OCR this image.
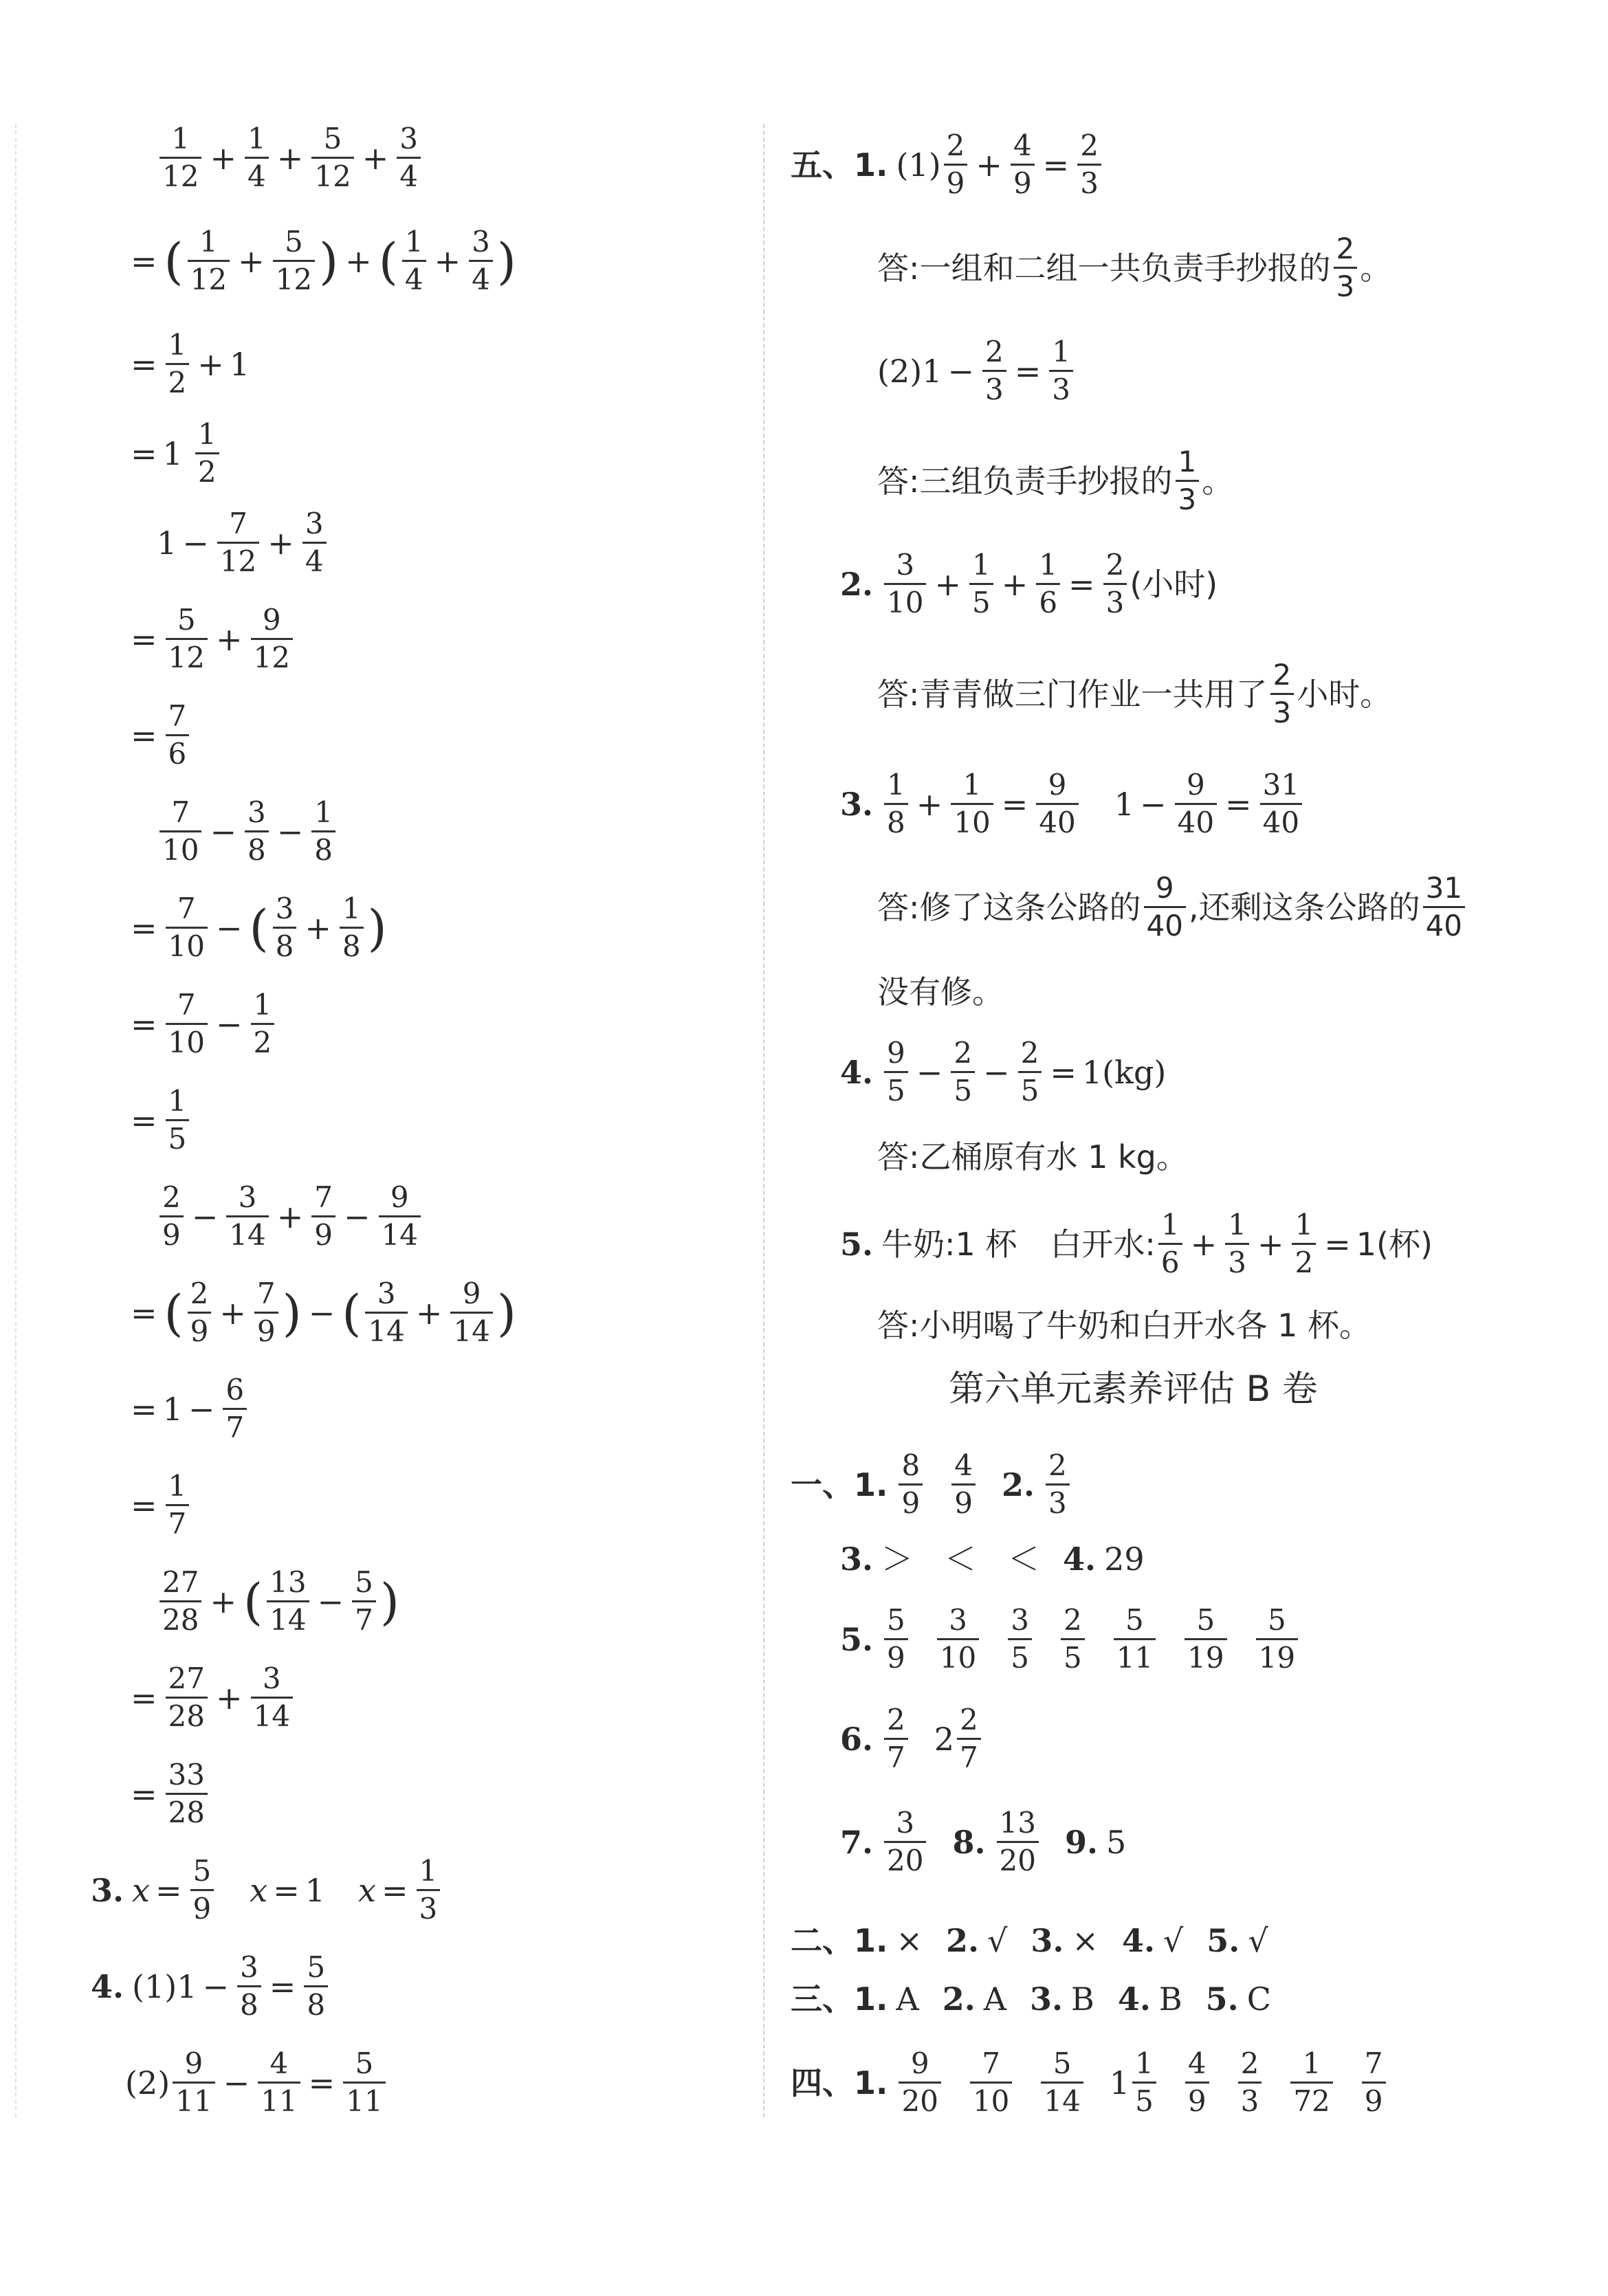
$\frac{1}{12} + \frac{1}{4} + \frac{5}{12} + \frac{3}{4}$
= ( $\frac{1}{12} + \frac{5}{12}$ ) + ( $\frac{1}{4} + \frac{3}{4}$ )
= $\frac{1}{2} + 1$
= $1 \frac{1}{2}$
$1 - \frac{7}{12} + \frac{3}{4}$
= $\frac{5}{12} + \frac{9}{12}$
= $\frac{7}{6}$
$\frac{7}{10} - \frac{3}{8} - \frac{1}{8}$
= $\frac{7}{10}$ − ( $\frac{3}{8} + \frac{1}{8}$ )
= $\frac{7}{10} - \frac{1}{2}$
= $\frac{1}{5}$
$\frac{2}{9} - \frac{3}{14} + \frac{7}{9} - \frac{9}{14}$
= ( $\frac{2}{9} + \frac{7}{9}$ ) − ( $\frac{3}{14} + \frac{9}{14}$ )
= $1 - \frac{6}{7}$
= $\frac{1}{7}$
$\frac{27}{28}$ + ( $\frac{13}{14} - \frac{5}{7}$ )
= $\frac{27}{28} + \frac{3}{14}$
= $\frac{33}{28}$
3. $x = \frac{5}{9}$ x = 1 $x = \frac{1}{3}$
4. (1) $1 - \frac{3}{8} = \frac{5}{8}$
$(2) \frac{9}{11} - \frac{4}{11} = \frac{5}{11}$
五、1. $(1) \frac{2}{9} + \frac{4}{9} = \frac{2}{3}$
答:一组和二组一共负责手抄报的 $\frac{2}{3}$ 。
(2) $1 - \frac{2}{3} = \frac{1}{3}$
答:三组负责手抄报的 $\frac{1}{3}$ 。
2. $\frac{3}{10} + \frac{1}{5} + \frac{1}{6} = \frac{2}{3}$ (小时)
答:青青做三门作业一共用了 $\frac{2}{3}$ 小时。
3. $\frac{1}{8} + \frac{1}{10} = \frac{9}{40} 1 - \frac{9}{40} = \frac{31}{40}$
答:修了这条公路的 $\frac{9}{40}$ ,还剩这条公路的 $\frac{31}{40}$
没有修。
4. $\frac{9}{5} - \frac{2}{5} - \frac{2}{5} = 1(kg)$
答:乙桶原有水 1 kg。
5. 牛奶:1 杯 白开水: $\frac{1}{6} + \frac{1}{3} + \frac{1}{2} = 1$(杯)
答:小明喝了牛奶和白开水各 1 杯。
第六单元素养评估 B 卷
一、1. $\frac{8}{9} \frac{4}{9} 2$. $\frac{2}{3}$
3. ＞　＜　＜ 4. 29
5. $\frac{5}{9} \frac{3}{10} \frac{3}{5} \frac{2}{5} \frac{5}{11} \frac{5}{19} \frac{5}{19}$
6. $\frac{2}{7} 2 \frac{2}{7}$
7. $\frac{3}{20} 8$. $\frac{13}{20} 9$. 5
二、1. × 2. √ 3. × 4. √ 5. √
三、1. A 2. A 3. B 4. B 5. C
四、1. $\frac{9}{20} \frac{7}{10} \frac{5}{14} 1 \frac{1}{5} \frac{4}{9} \frac{2}{3} \frac{1}{72} \frac{7}{9}$
